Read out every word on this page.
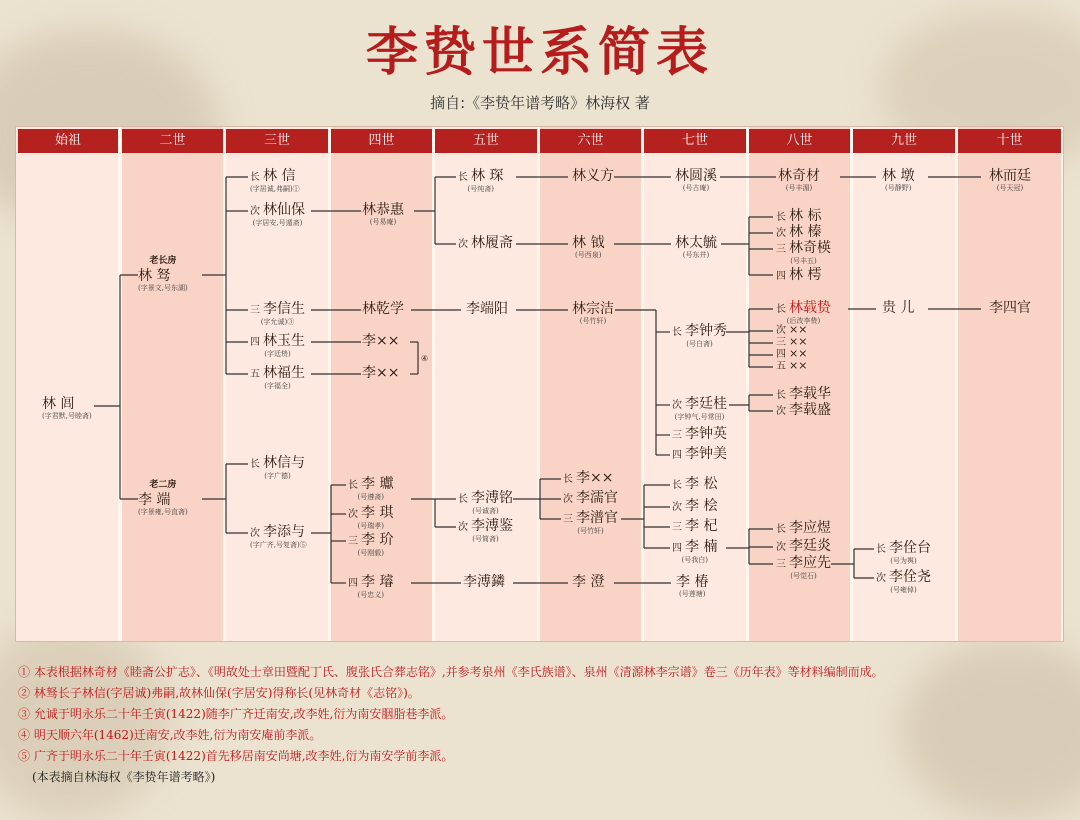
李贽世系简表
摘自:《李贽年谱考略》林海权 著
始祖	二世	三世	四世	五世	六世	七世	八世	九世	十世
林 闾
(字君默,号睦斋)
老长房
林 驽
(字景文,号东湖)
老二房
李 端
(字景雍,号直斋)
长 林 信
(字居诚,弗嗣)①
次 林仙保
(字居安,号遁斋)
三 李信生
(字允诚)③
四 林玉生
(字廷贽)
五 林福生
(字福全)
长 林信与
(字广德)
次 李添与
(字广齐,号复斋)⑤
林恭惠
(号易庵)
林乾学
李××
李××
④
长 李 瓛
(号遵斋)
次 李 琪
(号瑞孝)
三 李 玠
(号刚毅)
四 李 璿
(号忠义)
长 林 琛
(号纯斋)
次 林履斋
李端阳
长 李溥铭
(号诚斋)
次 李溥鉴
(号简斋)
李溥鏻
林义方
林 钺
(号西泉)
林宗洁
(号竹轩)
长 李××
次 李濡官
三 李潽官
(号竹轩)
李 澄
林圆溪
(号古庵)
林太毓
(号东井)
长 李钟秀
(号白斋)
次 李廷桂
(字钟气,号常田)
三 李钟英
四 李钟美
长 李 松
次 李 桧
三 李 杞
四 李 楠
(号我白)
李 椿
(号莲塘)
林奇材
(号丰湄)
长 林 标
次 林 榛
三 林奇楧
(号丰五)
四 林 樗
长 林载贽
(后改李贽)
次 ××
三 ××
四 ××
五 ××
长 李载华
次 李载盛
长 李应煜
次 李廷炎
三 李应先
(号觉石)
林 墩
(号静野)
贵 儿
长 李佺台
(号为舆)
次 李佺尧
(号雍倬)
林而廷
(号天冠)
李四官
① 本表根据林奇材《睦斋公扩志》、《明故处士章田暨配丁氏、腹张氏合葬志铭》,并参考泉州《李氏族谱》、泉州《清源林李宗谱》卷三《历年表》等材料编制而成。
② 林驽长子林信(字居诚)弗嗣,故林仙保(字居安)得称长(见林奇材《志铭》)。
③ 允诚于明永乐二十年壬寅(1422)随李广齐迁南安,改李姓,衍为南安胭脂巷李派。
④ 明天顺六年(1462)迁南安,改李姓,衍为南安庵前李派。
⑤ 广齐于明永乐二十年壬寅(1422)首先移居南安尚塘,改李姓,衍为南安学前李派。
(本表摘自林海权《李贽年谱考略》)
